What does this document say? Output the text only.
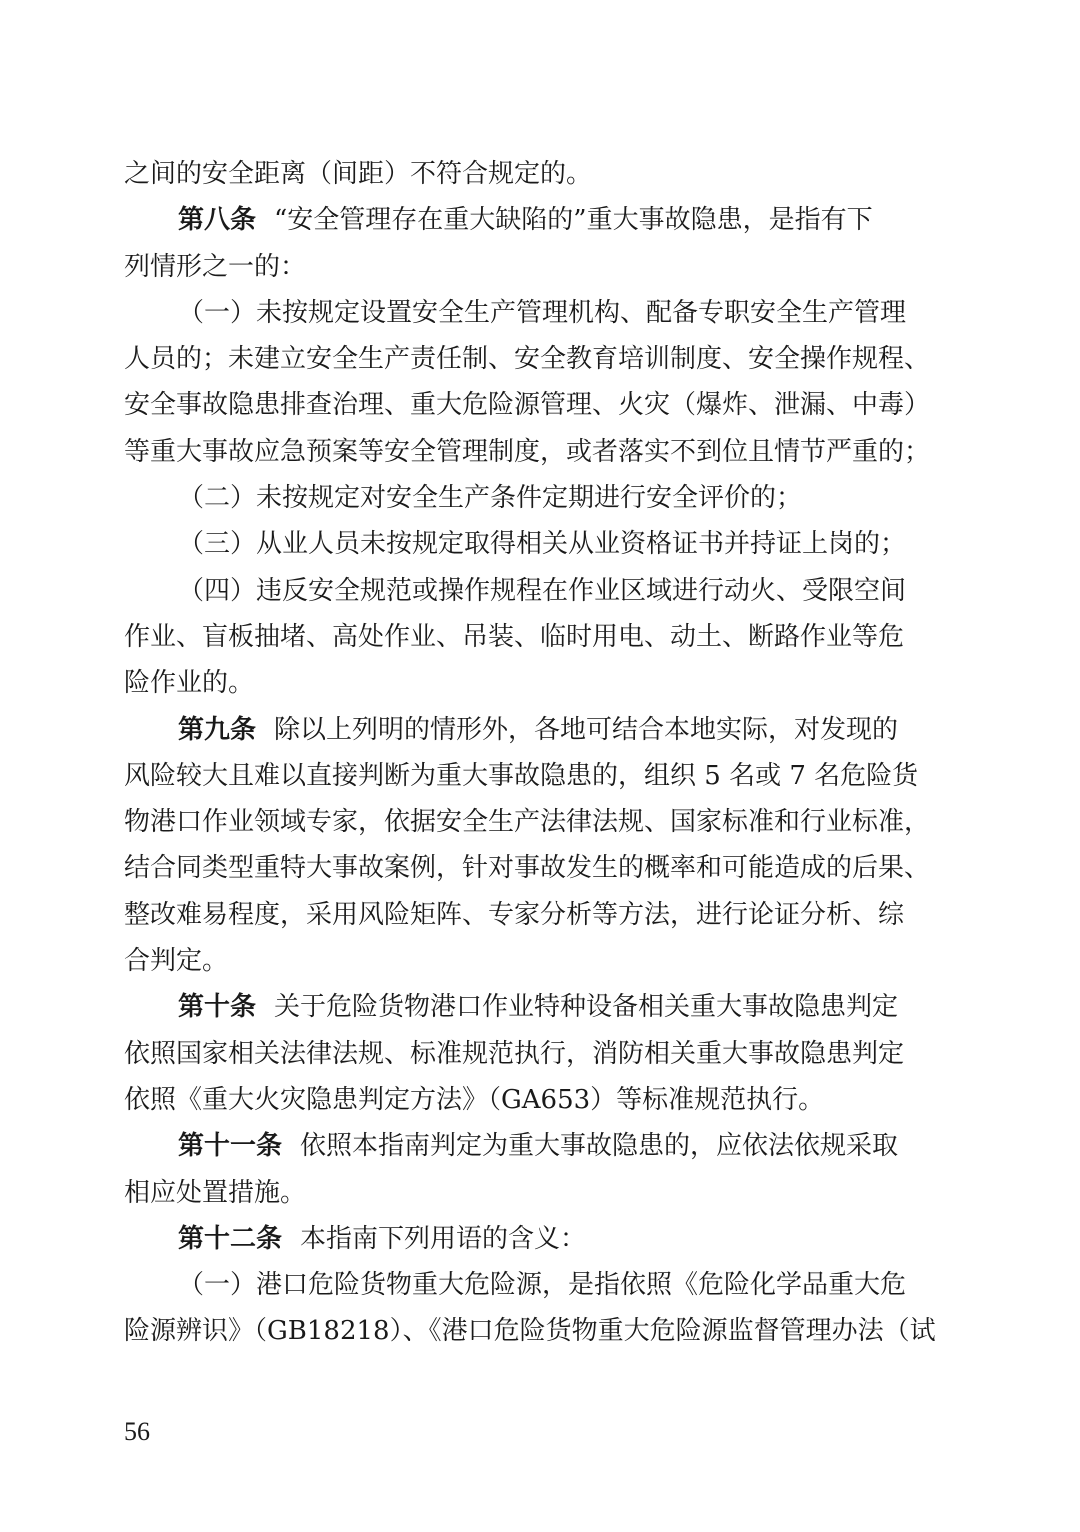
之间的安全距离（间距）不符合规定的。
第八条 “安全管理存在重大缺陷的”重大事故隐患，是指有下
列情形之一的：
（一）未按规定设置安全生产管理机构、配备专职安全生产管理
人员的；未建立安全生产责任制、安全教育培训制度、安全操作规程、
安全事故隐患排查治理、重大危险源管理、火灾（爆炸、泄漏、中毒）
等重大事故应急预案等安全管理制度，或者落实不到位且情节严重的；
（二）未按规定对安全生产条件定期进行安全评价的；
（三）从业人员未按规定取得相关从业资格证书并持证上岗的；
（四）违反安全规范或操作规程在作业区域进行动火、受限空间
作业、盲板抽堵、高处作业、吊装、临时用电、动土、断路作业等危
险作业的。
第九条 除以上列明的情形外，各地可结合本地实际，对发现的
风险较大且难以直接判断为重大事故隐患的，组织 5 名或 7 名危险货
物港口作业领域专家，依据安全生产法律法规、国家标准和行业标准，
结合同类型重特大事故案例，针对事故发生的概率和可能造成的后果、
整改难易程度，采用风险矩阵、专家分析等方法，进行论证分析、综
合判定。
第十条 关于危险货物港口作业特种设备相关重大事故隐患判定
依照国家相关法律法规、标准规范执行，消防相关重大事故隐患判定
依照《重大火灾隐患判定方法》（GA653）等标准规范执行。
第十一条 依照本指南判定为重大事故隐患的，应依法依规采取
相应处置措施。
第十二条 本指南下列用语的含义：
（一）港口危险货物重大危险源，是指依照《危险化学品重大危
险源辨识》（GB18218）、《港口危险货物重大危险源监督管理办法（试
56
